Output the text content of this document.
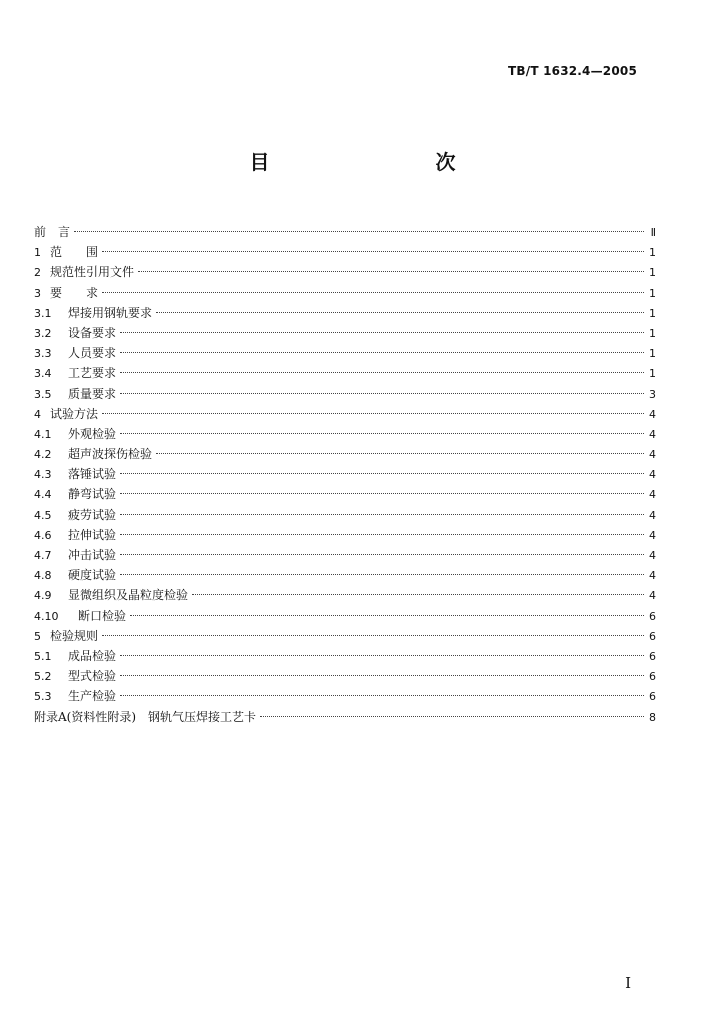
TB/T 1632.4—2005
目　　次
前　言	Ⅱ
1 范　　围	1
2 规范性引用文件	1
3 要　　求	1
3.1 焊接用钢轨要求	1
3.2 设备要求	1
3.3 人员要求	1
3.4 工艺要求	1
3.5 质量要求	3
4 试验方法	4
4.1 外观检验	4
4.2 超声波探伤检验	4
4.3 落锤试验	4
4.4 静弯试验	4
4.5 疲劳试验	4
4.6 拉伸试验	4
4.7 冲击试验	4
4.8 硬度试验	4
4.9 显微组织及晶粒度检验	4
4.10 断口检验	6
5 检验规则	6
5.1 成品检验	6
5.2 型式检验	6
5.3 生产检验	6
附录A(资料性附录)　钢轨气压焊接工艺卡	8
I
